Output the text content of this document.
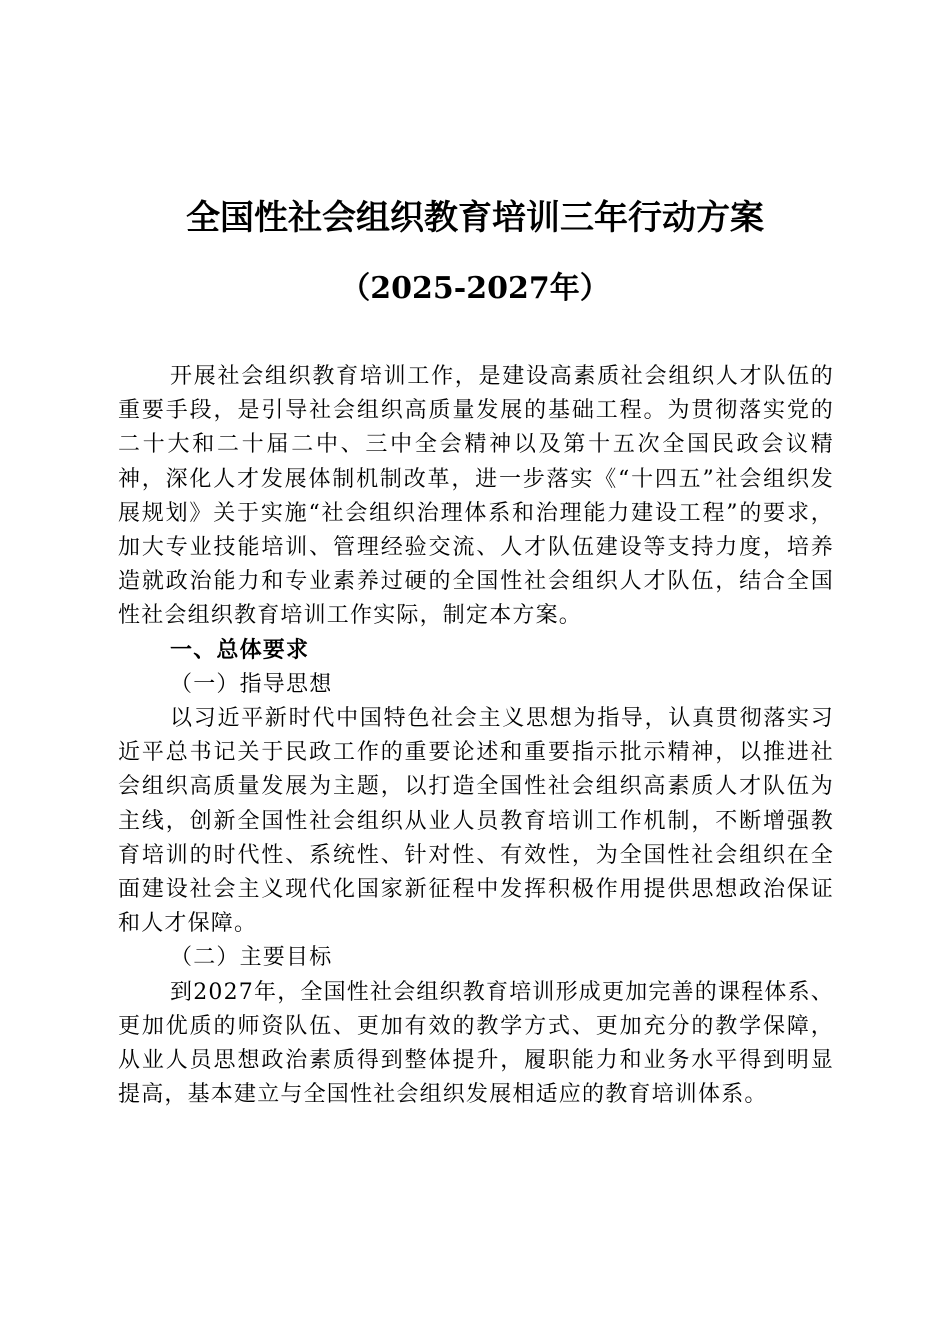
全国性社会组织教育培训三年行动方案
（2025-2027年）

开展社会组织教育培训工作，是建设高素质社会组织人才队伍的重要手段，是引导社会组织高质量发展的基础工程。为贯彻落实党的二十大和二十届二中、三中全会精神以及第十五次全国民政会议精神，深化人才发展体制机制改革，进一步落实《“十四五”社会组织发展规划》关于实施“社会组织治理体系和治理能力建设工程”的要求，加大专业技能培训、管理经验交流、人才队伍建设等支持力度，培养造就政治能力和专业素养过硬的全国性社会组织人才队伍，结合全国性社会组织教育培训工作实际，制定本方案。

一、总体要求

（一）指导思想

以习近平新时代中国特色社会主义思想为指导，认真贯彻落实习近平总书记关于民政工作的重要论述和重要指示批示精神，以推进社会组织高质量发展为主题，以打造全国性社会组织高素质人才队伍为主线，创新全国性社会组织从业人员教育培训工作机制，不断增强教育培训的时代性、系统性、针对性、有效性，为全国性社会组织在全面建设社会主义现代化国家新征程中发挥积极作用提供思想政治保证和人才保障。

（二）主要目标

到2027年，全国性社会组织教育培训形成更加完善的课程体系、更加优质的师资队伍、更加有效的教学方式、更加充分的教学保障，从业人员思想政治素质得到整体提升，履职能力和业务水平得到明显提高，基本建立与全国性社会组织发展相适应的教育培训体系。
